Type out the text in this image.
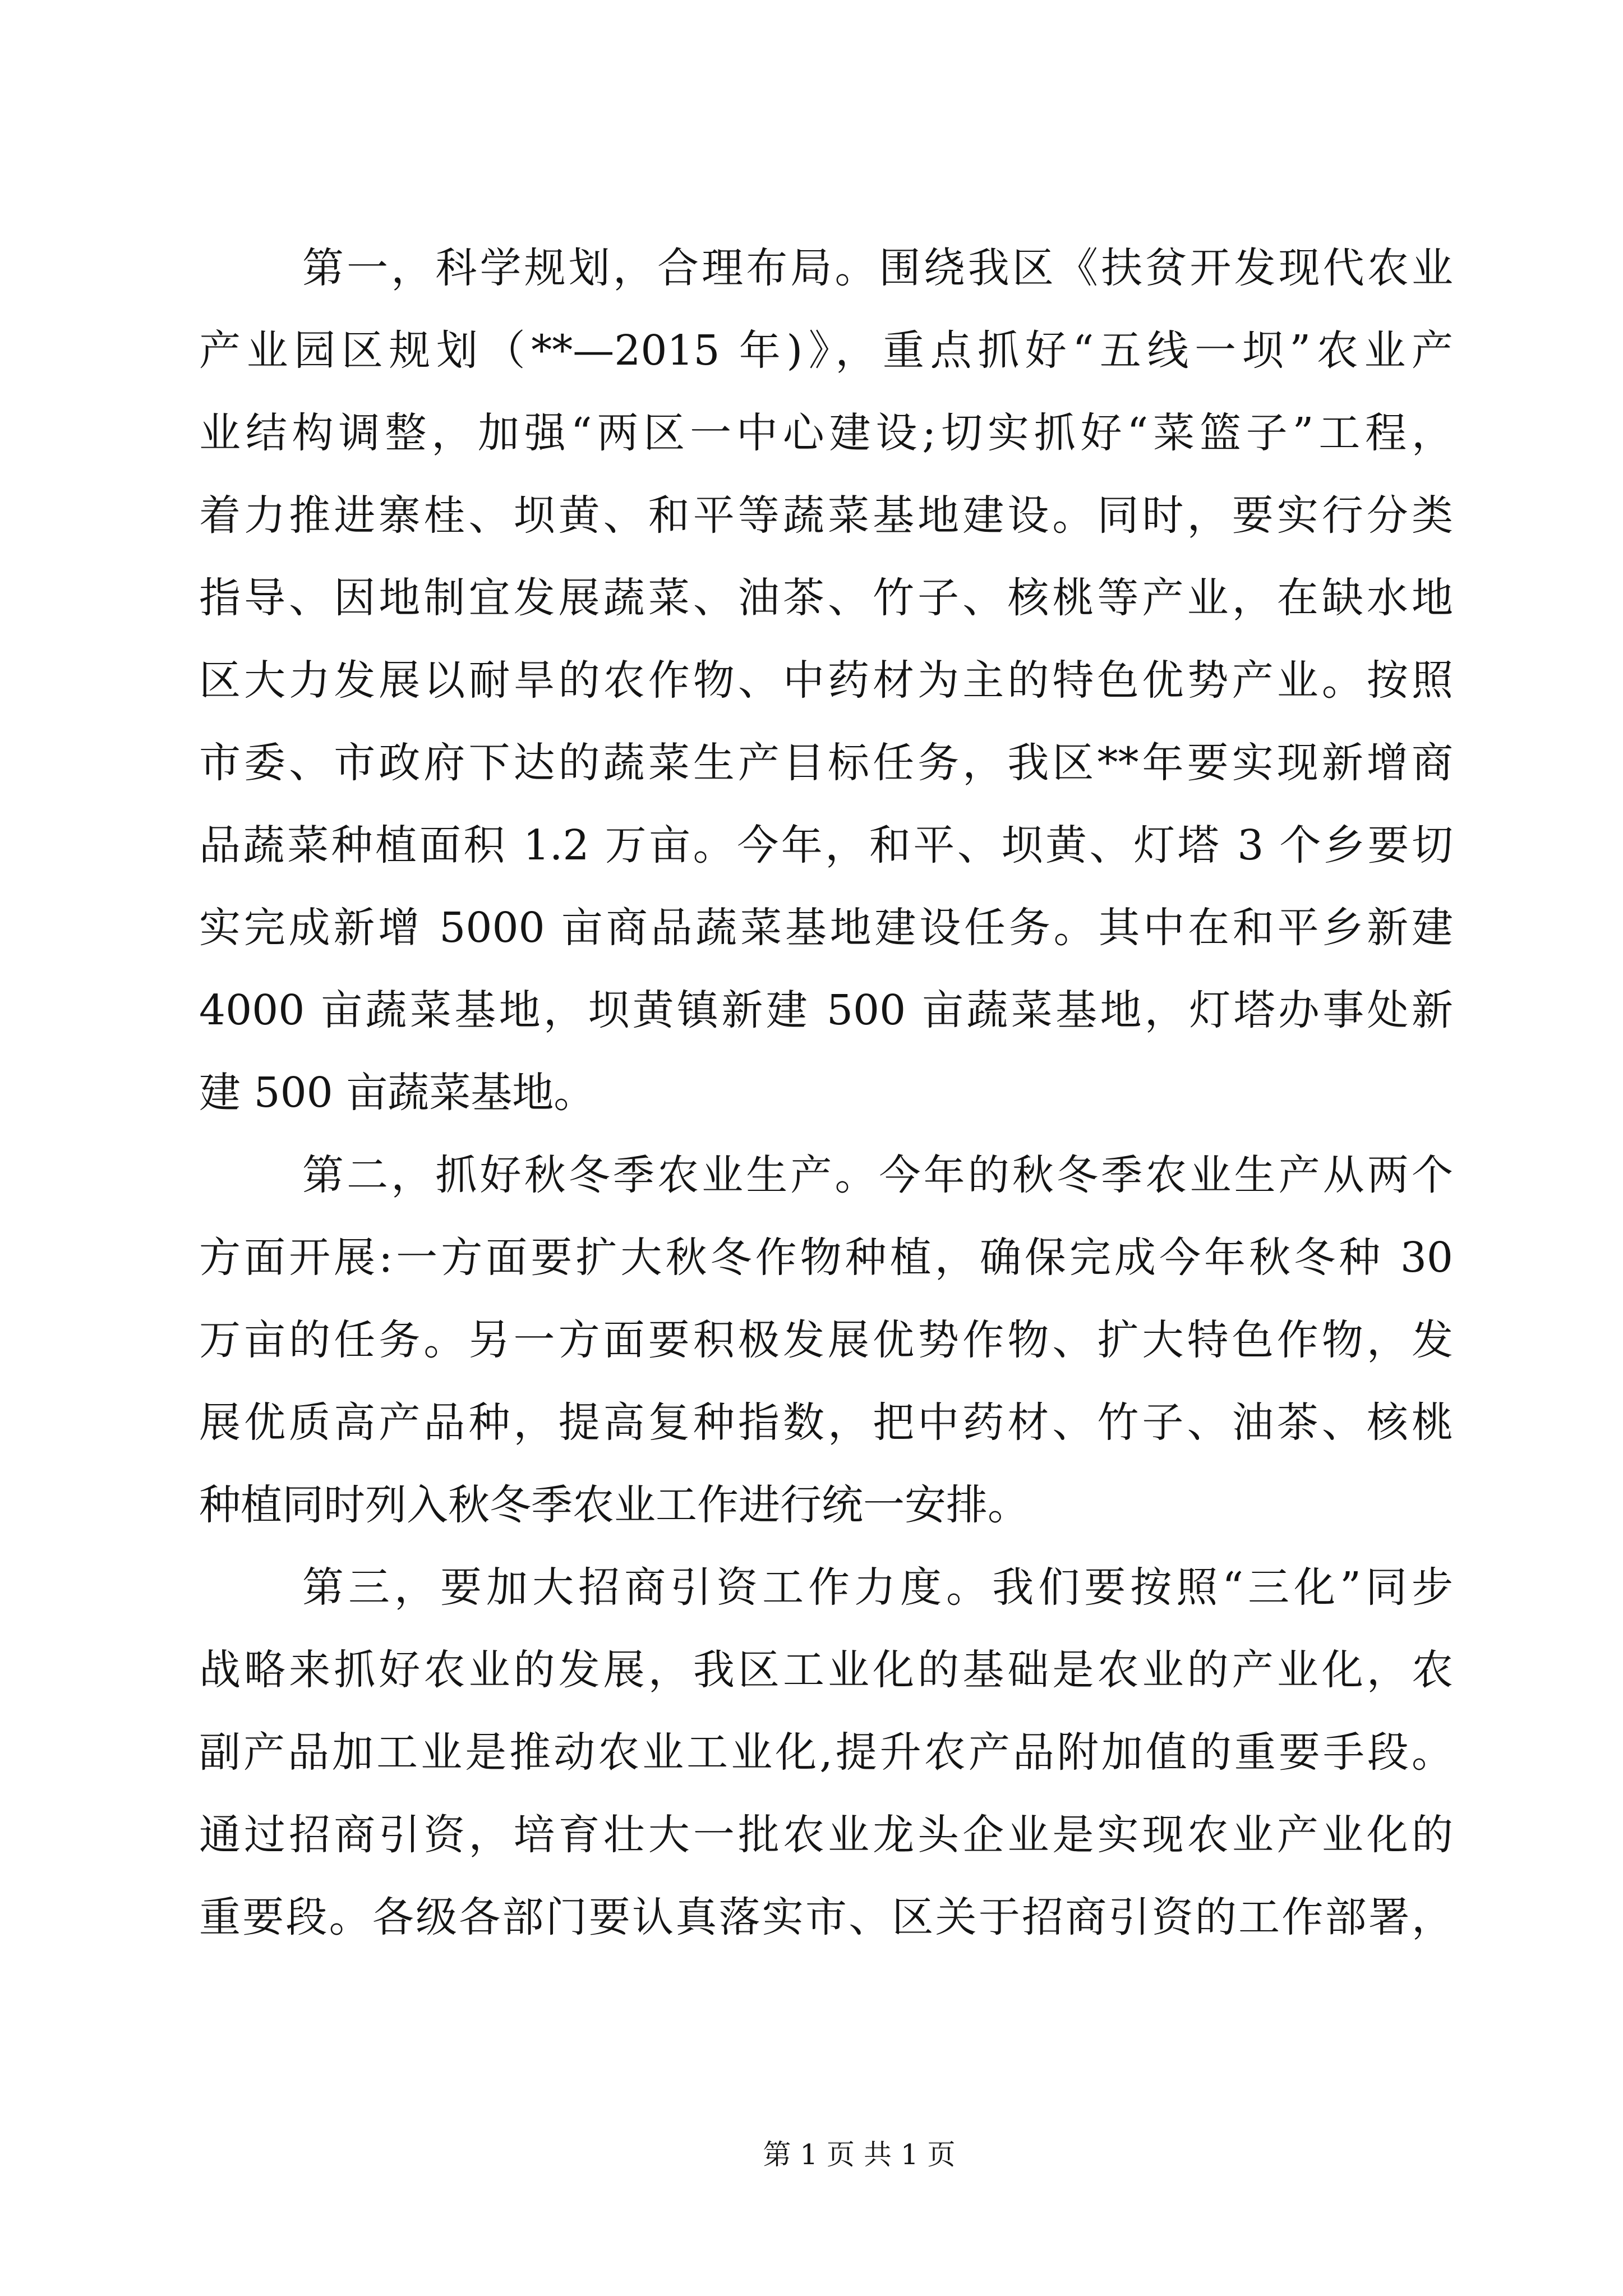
第一，科学规划，合理布局。围绕我区《扶贫开发现代农业
产业园区规划（**—2015 年)》，重点抓好“五线一坝”农业产
业结构调整，加强“两区一中心建设;切实抓好“菜篮子”工程，
着力推进寨桂、坝黄、和平等蔬菜基地建设。同时，要实行分类
指导、因地制宜发展蔬菜、油茶、竹子、核桃等产业，在缺水地
区大力发展以耐旱的农作物、中药材为主的特色优势产业。按照
市委、市政府下达的蔬菜生产目标任务，我区**年要实现新增商
品蔬菜种植面积 1.2 万亩。今年，和平、坝黄、灯塔 3 个乡要切
实完成新增 5000 亩商品蔬菜基地建设任务。其中在和平乡新建
4000 亩蔬菜基地，坝黄镇新建 500 亩蔬菜基地，灯塔办事处新
建 500 亩蔬菜基地。
第二，抓好秋冬季农业生产。今年的秋冬季农业生产从两个
方面开展:一方面要扩大秋冬作物种植，确保完成今年秋冬种 30
万亩的任务。另一方面要积极发展优势作物、扩大特色作物，发
展优质高产品种，提高复种指数，把中药材、竹子、油茶、核桃
种植同时列入秋冬季农业工作进行统一安排。
第三，要加大招商引资工作力度。我们要按照“三化”同步
战略来抓好农业的发展，我区工业化的基础是农业的产业化，农
副产品加工业是推动农业工业化,提升农产品附加值的重要手段。
通过招商引资，培育壮大一批农业龙头企业是实现农业产业化的
重要段。各级各部门要认真落实市、区关于招商引资的工作部署，
第 1 页 共 1 页
